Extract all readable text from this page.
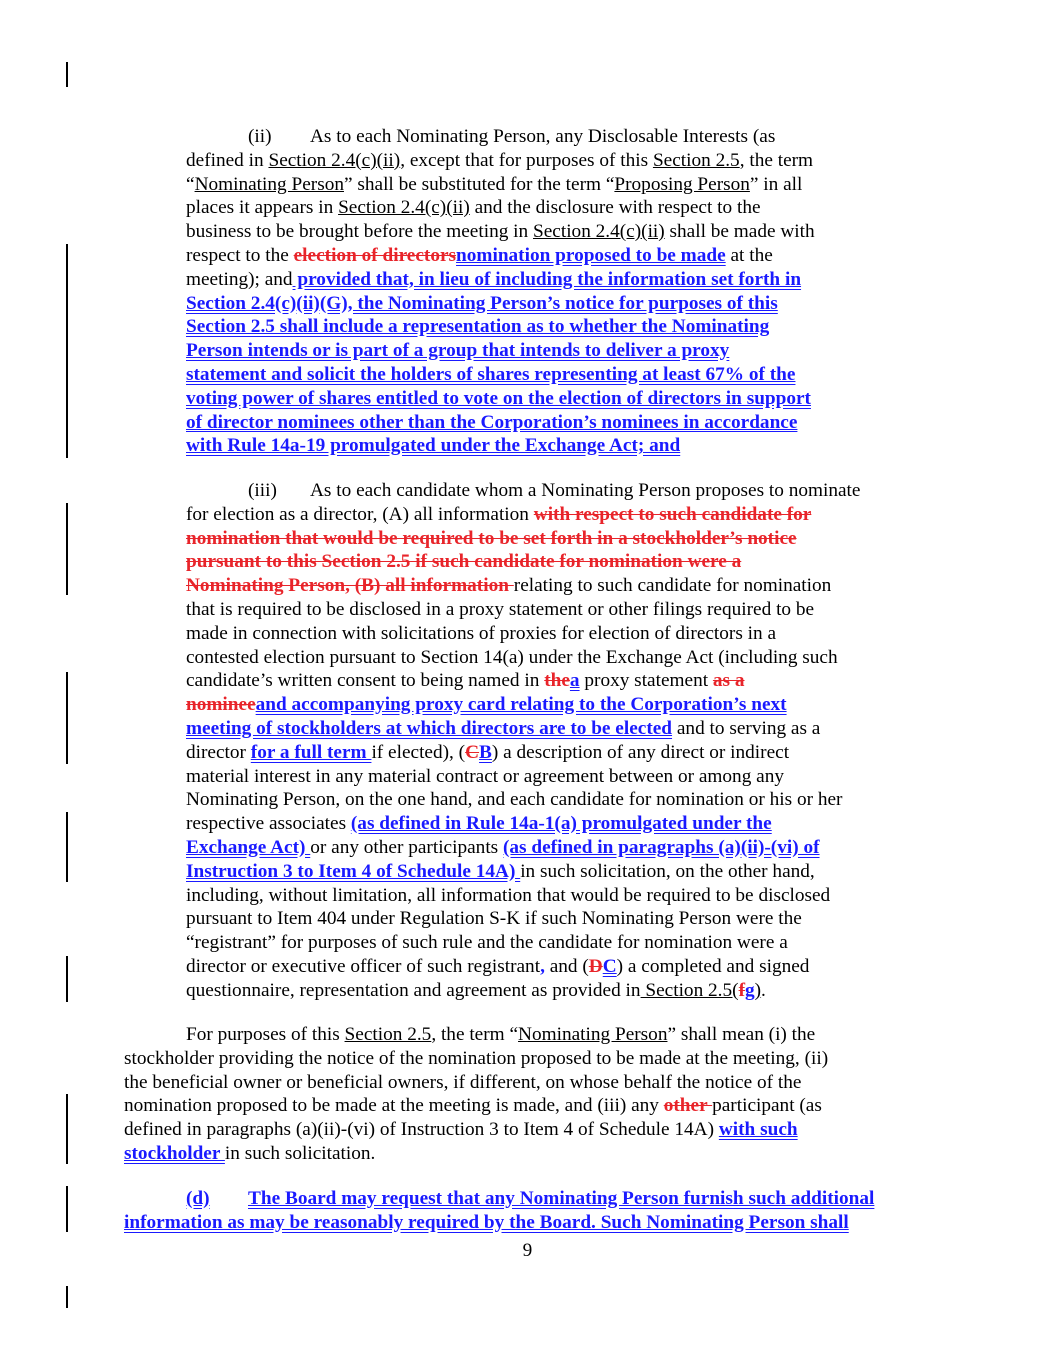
(ii) As to each Nominating Person, any Disclosable Interests (as
defined in Section 2.4(c)(ii), except that for purposes of this Section 2.5, the term
“Nominating Person” shall be substituted for the term “Proposing Person” in all
places it appears in Section 2.4(c)(ii) and the disclosure with respect to the
business to be brought before the meeting in Section 2.4(c)(ii) shall be made with
respect to the election of directorsnomination proposed to be made at the
meeting); and provided that, in lieu of including the information set forth in
Section 2.4(c)(ii)(G), the Nominating Person’s notice for purposes of this
Section 2.5 shall include a representation as to whether the Nominating
Person intends or is part of a group that intends to deliver a proxy
statement and solicit the holders of shares representing at least 67% of the
voting power of shares entitled to vote on the election of directors in support
of director nominees other than the Corporation’s nominees in accordance
with Rule 14a-19 promulgated under the Exchange Act; and
(iii) As to each candidate whom a Nominating Person proposes to nominate
for election as a director, (A) all information with respect to such candidate for
nomination that would be required to be set forth in a stockholder’s notice
pursuant to this Section 2.5 if such candidate for nomination were a
Nominating Person, (B) all information relating to such candidate for nomination
that is required to be disclosed in a proxy statement or other filings required to be
made in connection with solicitations of proxies for election of directors in a
contested election pursuant to Section 14(a) under the Exchange Act (including such
candidate’s written consent to being named in thea proxy statement as a
nomineeand accompanying proxy card relating to the Corporation’s next
meeting of stockholders at which directors are to be elected and to serving as a
director for a full term if elected), (CB) a description of any direct or indirect
material interest in any material contract or agreement between or among any
Nominating Person, on the one hand, and each candidate for nomination or his or her
respective associates (as defined in Rule 14a-1(a) promulgated under the
Exchange Act) or any other participants (as defined in paragraphs (a)(ii)-(vi) of
Instruction 3 to Item 4 of Schedule 14A) in such solicitation, on the other hand,
including, without limitation, all information that would be required to be disclosed
pursuant to Item 404 under Regulation S-K if such Nominating Person were the
“registrant” for purposes of such rule and the candidate for nomination were a
director or executive officer of such registrant, and (DC) a completed and signed
questionnaire, representation and agreement as provided in Section 2.5(fg).
For purposes of this Section 2.5, the term “Nominating Person” shall mean (i) the
stockholder providing the notice of the nomination proposed to be made at the meeting, (ii)
the beneficial owner or beneficial owners, if different, on whose behalf the notice of the
nomination proposed to be made at the meeting is made, and (iii) any other participant (as
defined in paragraphs (a)(ii)-(vi) of Instruction 3 to Item 4 of Schedule 14A) with such
stockholder in such solicitation.
(d) The Board may request that any Nominating Person furnish such additional
information as may be reasonably required by the Board. Such Nominating Person shall
9
